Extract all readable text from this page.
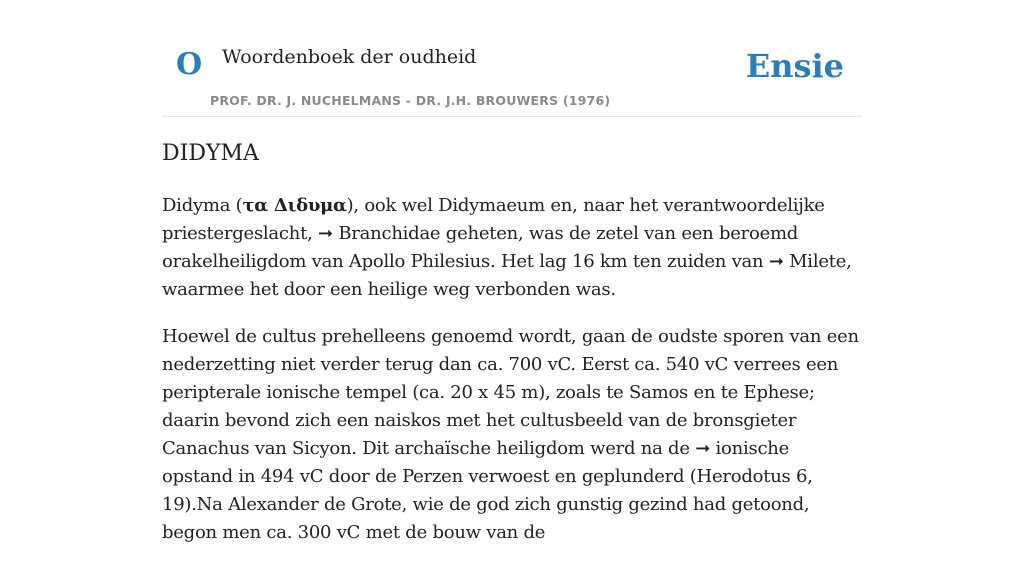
O Woordenboek der oudheid
PROF. DR. J. NUCHELMANS - DR. J.H. BROUWERS (1976)
Ensie
DIDYMA

Didyma (τα Διδυμα), ook wel Didymaeum en, naar het verantwoordelijke priestergeslacht, ➞ Branchidae geheten, was de zetel van een beroemd orakelheiligdom van Apollo Philesius. Het lag 16 km ten zuiden van ➞ Milete, waarmee het door een heilige weg verbonden was.

Hoewel de cultus prehelleens genoemd wordt, gaan de oudste sporen van een nederzetting niet verder terug dan ca. 700 vC. Eerst ca. 540 vC verrees een peripterale ionische tempel (ca. 20 x 45 m), zoals te Samos en te Ephese; daarin bevond zich een naiskos met het cultusbeeld van de bronsgieter Canachus van Sicyon. Dit archaïsche heiligdom werd na de ➞ ionische opstand in 494 vC door de Perzen verwoest en geplunderd (Herodotus 6, 19).Na Alexander de Grote, wie de god zich gunstig gezind had getoond, begon men ca. 300 vC met de bouw van de
